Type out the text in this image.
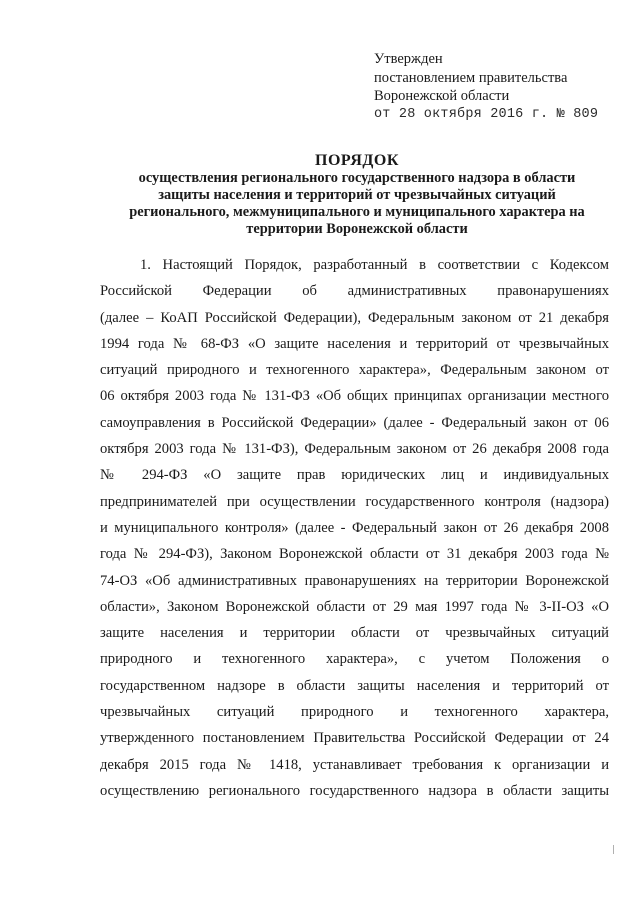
Утвержден
постановлением правительства
Воронежской области
от 28 октября 2016 г. № 809
ПОРЯДОК
осуществления регионального государственного надзора в области
защиты населения и территорий от чрезвычайных ситуаций
регионального, межмуниципального и муниципального характера на
территории Воронежской области
1. Настоящий Порядок, разработанный в соответствии с Кодексом
Российской Федерации об административных правонарушениях
(далее – КоАП Российской Федерации), Федеральным законом от 21 декабря
1994 года № 68-ФЗ «О защите населения и территорий от чрезвычайных
ситуаций природного и техногенного характера», Федеральным законом от
06 октября 2003 года № 131-ФЗ «Об общих принципах организации местного
самоуправления в Российской Федерации» (далее - Федеральный закон от 06
октября 2003 года № 131-ФЗ), Федеральным законом от 26 декабря 2008 года
№ 294-ФЗ «О защите прав юридических лиц и индивидуальных
предпринимателей при осуществлении государственного контроля (надзора)
и муниципального контроля» (далее - Федеральный закон от 26 декабря 2008
года № 294-ФЗ), Законом Воронежской области от 31 декабря 2003 года №
74-ОЗ «Об административных правонарушениях на территории Воронежской
области», Законом Воронежской области от 29 мая 1997 года № 3-II-ОЗ «О
защите населения и территории области от чрезвычайных ситуаций
природного и техногенного характера», с учетом Положения о
государственном надзоре в области защиты населения и территорий от
чрезвычайных ситуаций природного и техногенного характера,
утвержденного постановлением Правительства Российской Федерации от 24
декабря 2015 года № 1418, устанавливает требования к организации и
осуществлению регионального государственного надзора в области защиты
